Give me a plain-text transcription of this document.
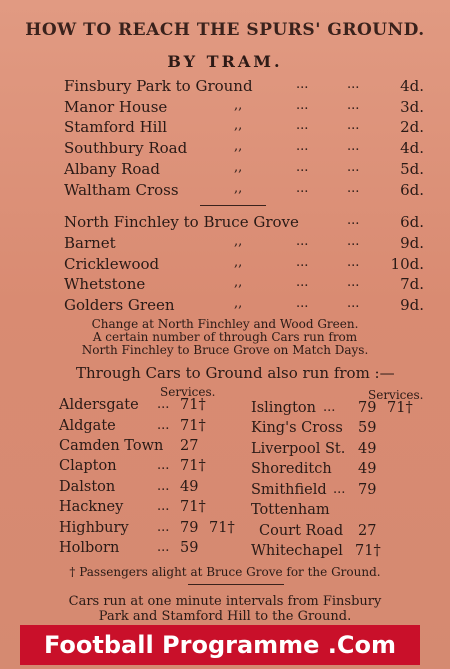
HOW TO REACH THE SPURS' GROUND.
BY TRAM.
Finsbury Park to Ground	...	...	4d.
Manor House	,,	...	...	3d.
Stamford Hill	,,	...	...	2d.
Southbury Road	,,	...	...	4d.
Albany Road	,,	...	...	5d.
Waltham Cross	,,	...	...	6d.
North Finchley to Bruce Grove	...	6d.
Barnet	,,	...	...	9d.
Cricklewood	,,	...	... 10d.
Whetstone	,,	...	...	7d.
Golders Green	,,	...	...	9d.
Change at North Finchley and Wood Green.
A certain number of through Cars run from
North Finchley to Bruce Grove on Match Days.
Through Cars to Ground also run from :—
Services.	Services.
Aldersgate ... 71†
Aldgate	... 71†
Camden Town 27
Clapton	... 71†
Dalston	... 49
Hackney	... 71†
Highbury ... 79 71†
Holborn	... 59
Islington ... 79 71†
King's Cross 59
Liverpool St. 49
Shoreditch 49
Smithfield ... 79
Tottenham
Court Road 27
Whitechapel 71†
† Passengers alight at Bruce Grove for the Ground.
Cars run at one minute intervals from Finsbury
Park and Stamford Hill to the Ground.
Football Programme .Com
